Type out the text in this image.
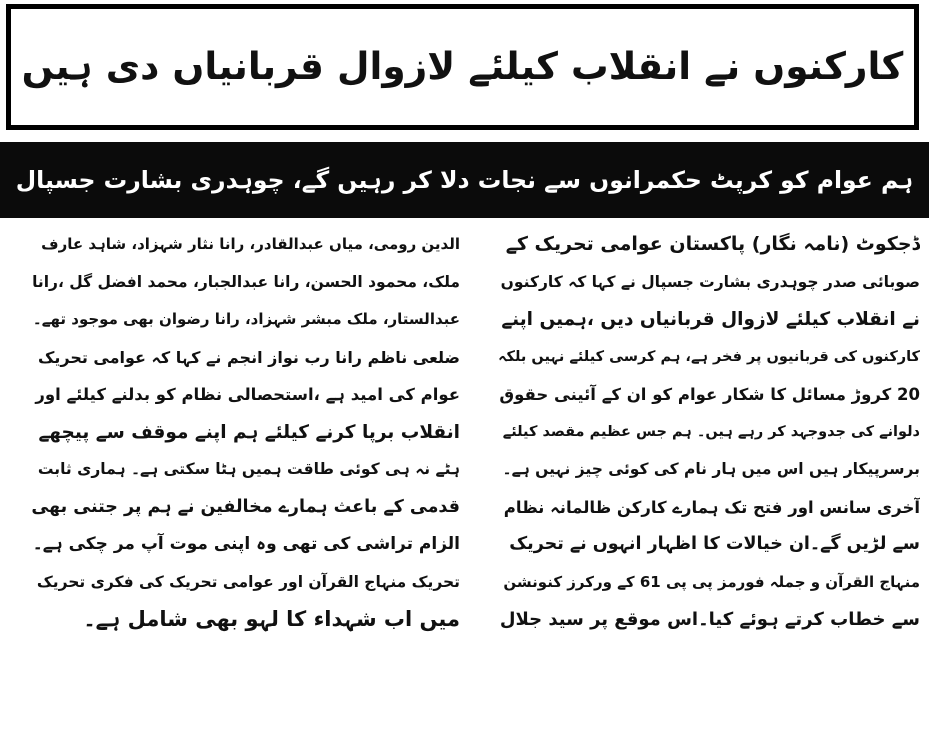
کارکنوں نے انقلاب کیلئے لازوال قربانیاں دی ہیں
ہم عوام کو کرپٹ حکمرانوں سے نجات دلا کر رہیں گے، چوہدری بشارت جسپال
ڈجکوٹ (نامہ نگار) پاکستان عوامی تحریک کے
صوبائی صدر چوہدری بشارت جسپال نے کہا کہ کارکنوں
نے انقلاب کیلئے لازوال قربانیاں دیں ،ہمیں اپنے
کارکنوں کی قربانیوں پر فخر ہے، ہم کرسی کیلئے نہیں بلکہ
20 کروڑ مسائل کا شکار عوام کو ان کے آئینی حقوق
دلوانے کی جدوجہد کر رہے ہیں۔ ہم جس عظیم مقصد کیلئے
برسرپیکار ہیں اس میں ہار نام کی کوئی چیز نہیں ہے۔
آخری سانس اور فتح تک ہمارے کارکن ظالمانہ نظام
سے لڑیں گے۔ان خیالات کا اظہار انہوں نے تحریک
منہاج القرآن و جملہ فورمز پی پی 61 کے ورکرز کنونشن
سے خطاب کرتے ہوئے کیا۔اس موقع پر سید جلال
الدین رومی، میاں عبدالقادر، رانا نثار شہزاد، شاہد عارف
ملک، محمود الحسن، رانا عبدالجبار، محمد افضل گل ،رانا
عبدالستار، ملک مبشر شہزاد، رانا رضوان بھی موجود تھے۔
ضلعی ناظم رانا رب نواز انجم نے کہا کہ عوامی تحریک
عوام کی امید ہے ،استحصالی نظام کو بدلنے کیلئے اور
انقلاب برپا کرنے کیلئے ہم اپنے موقف سے پیچھے
ہٹے نہ ہی کوئی طاقت ہمیں ہٹا سکتی ہے۔ ہماری ثابت
قدمی کے باعث ہمارے مخالفین نے ہم پر جتنی بھی
الزام تراشی کی تھی وہ اپنی موت آپ مر چکی ہے۔
تحریک منہاج القرآن اور عوامی تحریک کی فکری تحریک
میں اب شہداء کا لہو بھی شامل ہے۔
